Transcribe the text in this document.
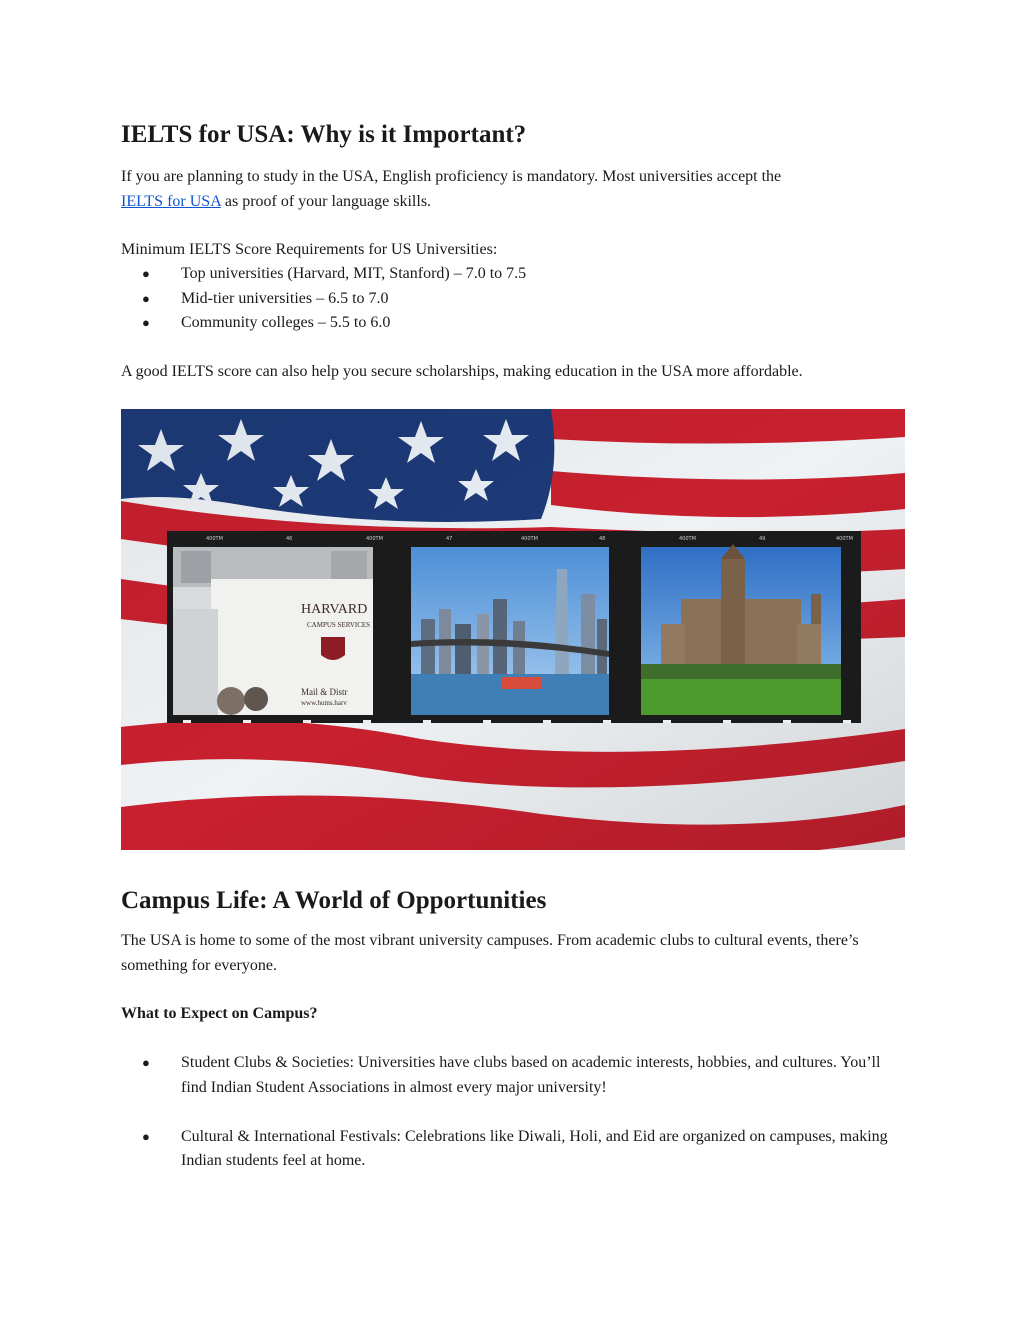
IELTS for USA: Why is it Important?

If you are planning to study in the USA, English proficiency is mandatory. Most universities accept the
IELTS for USA as proof of your language skills.

Minimum IELTS Score Requirements for US Universities:

● Top universities (Harvard, MIT, Stanford) – 7.0 to 7.5
● Mid-tier universities – 6.5 to 7.0
● Community colleges – 5.5 to 6.0

A good IELTS score can also help you secure scholarships, making education in the USA more affordable.

400TM	46	400TM	47	400TM	48	400TM	49	400TM
HARVARD
CAMPUS SERVICES
Mail & Distr
www.hums.harv
Campus Life: A World of Opportunities

The USA is home to some of the most vibrant university campuses. From academic clubs to cultural events, there’s something for everyone.

What to Expect on Campus?

● Student Clubs & Societies: Universities have clubs based on academic interests, hobbies, and cultures. You’ll find Indian Student Associations in almost every major university!
● Cultural & International Festivals: Celebrations like Diwali, Holi, and Eid are organized on campuses, making Indian students feel at home.
